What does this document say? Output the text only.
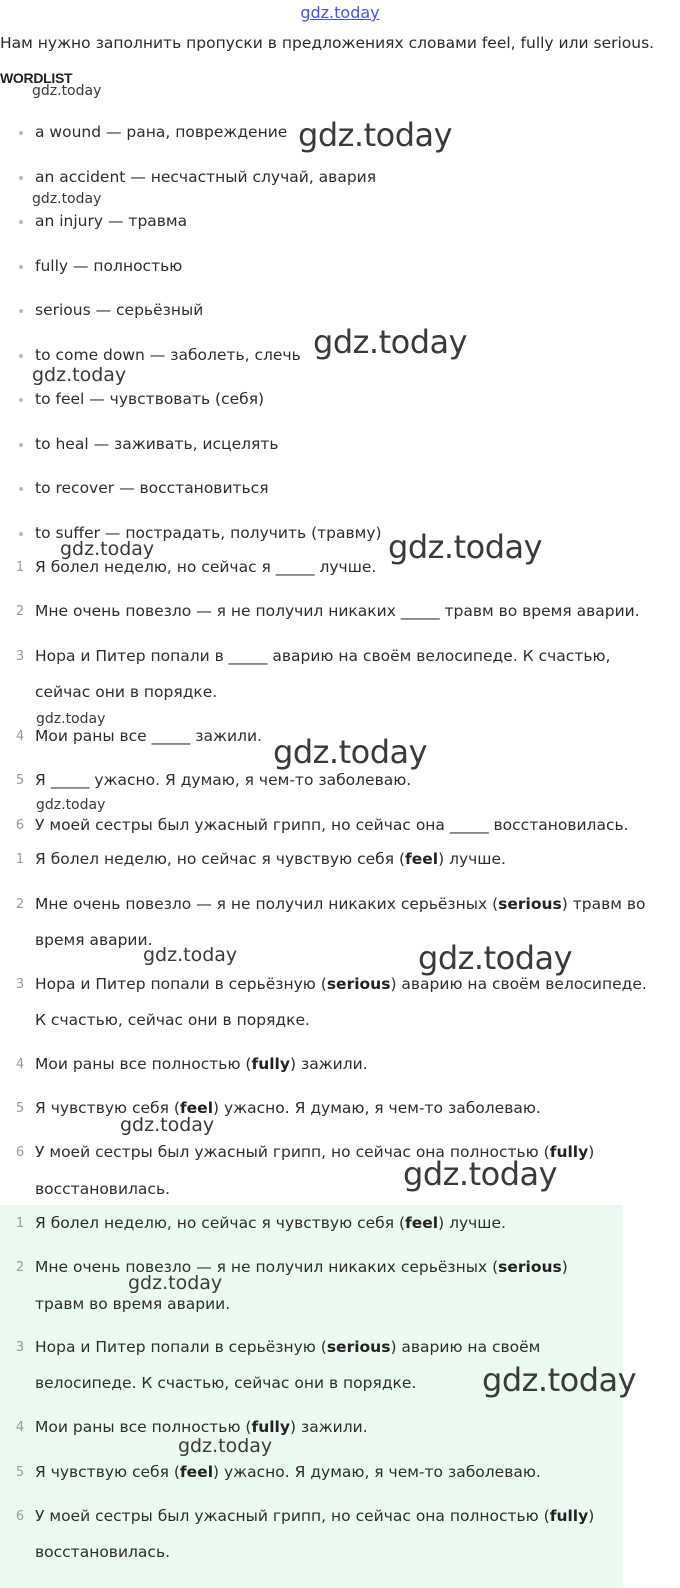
gdz.today
Нам нужно заполнить пропуски в предложениях словами feel, fully или serious.
WORDLIST
a wound — рана, повреждение
an accident — несчастный случай, авария
an injury — травма
fully — полностью
serious — серьёзный
to come down — заболеть, слечь
to feel — чувствовать (себя)
to heal — заживать, исцелять
to recover — восстановиться
to suffer — пострадать, получить (травму)
1 Я болел неделю, но сейчас я _____ лучше.
2 Мне очень повезло — я не получил никаких _____ травм во время аварии.
3 Нора и Питер попали в _____ аварию на своём велосипеде. К счастью,
сейчас они в порядке.
4 Мои раны все _____ зажили.
5 Я _____ ужасно. Я думаю, я чем-то заболеваю.
6 У моей сестры был ужасный грипп, но сейчас она _____ восстановилась.
1 Я болел неделю, но сейчас я чувствую себя (feel) лучше.
2 Мне очень повезло — я не получил никаких серьёзных (serious) травм во
время аварии.
3 Нора и Питер попали в серьёзную (serious) аварию на своём велосипеде.
К счастью, сейчас они в порядке.
4 Мои раны все полностью (fully) зажили.
5 Я чувствую себя (feel) ужасно. Я думаю, я чем-то заболеваю.
6 У моей сестры был ужасный грипп, но сейчас она полностью (fully)
восстановилась.
1 Я болел неделю, но сейчас я чувствую себя (feel) лучше.
2 Мне очень повезло — я не получил никаких серьёзных (serious)
травм во время аварии.
3 Нора и Питер попали в серьёзную (serious) аварию на своём
велосипеде. К счастью, сейчас они в порядке.
4 Мои раны все полностью (fully) зажили.
5 Я чувствую себя (feel) ужасно. Я думаю, я чем-то заболеваю.
6 У моей сестры был ужасный грипп, но сейчас она полностью (fully)
восстановилась.
gdz.today
gdz.today
gdz.today
gdz.today
gdz.today
gdz.today	gdz.today
gdz.today
gdz.today
gdz.today
gdz.today	gdz.today
gdz.today
gdz.today
gdz.today
gdz.today
gdz.today
